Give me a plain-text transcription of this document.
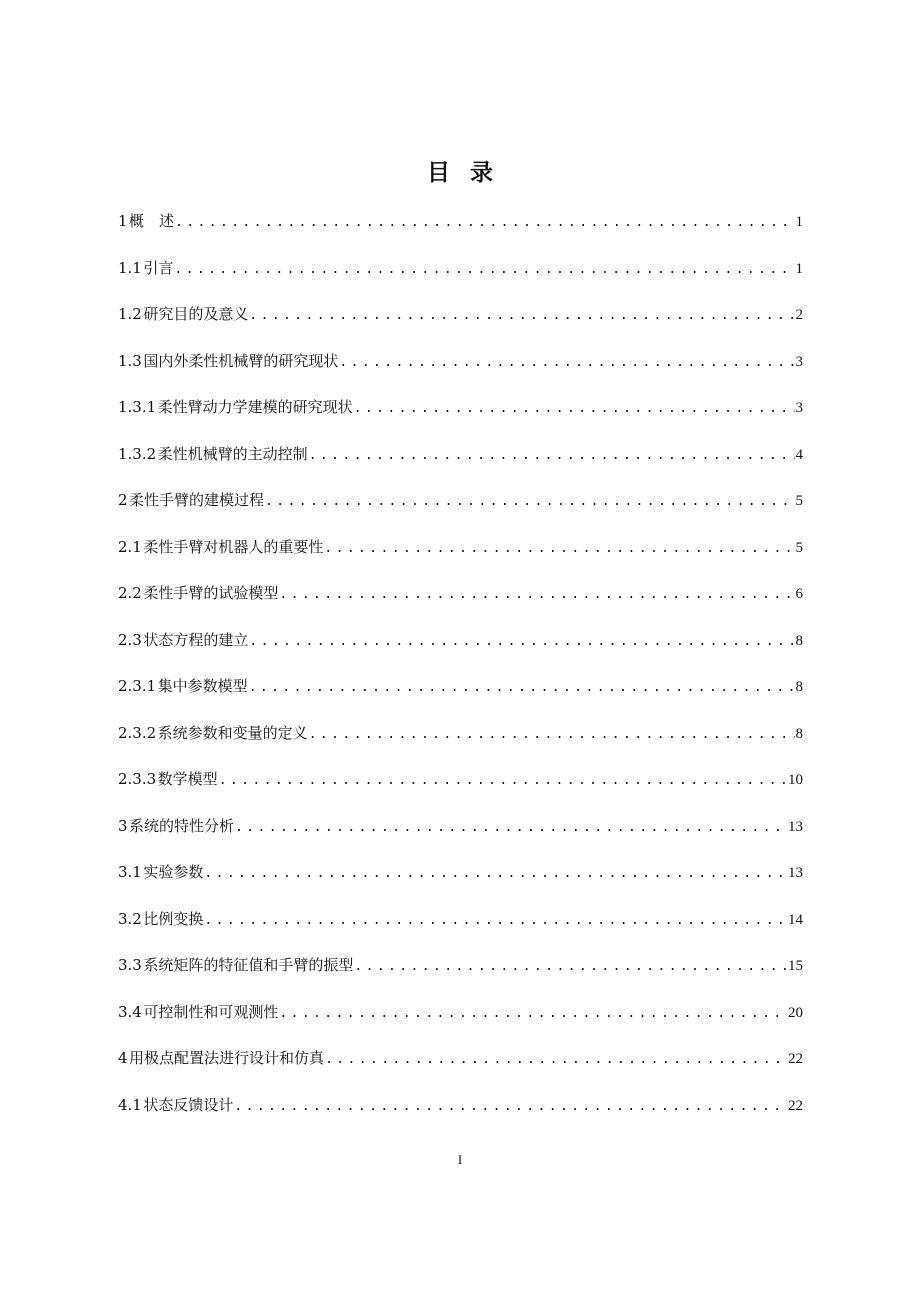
目 录
1  概　述 .....	1
1.1  引言 .....	1
1.2  研究目的及意义 .....	2
1.3  国内外柔性机械臂的研究现状 .....	3
1.3.1  柔性臂动力学建模的研究现状 .....	3
1.3.2  柔性机械臂的主动控制 .....	4
2  柔性手臂的建模过程 .....	5
2.1  柔性手臂对机器人的重要性 .....	5
2.2  柔性手臂的试验模型 .....	6
2.3  状态方程的建立 .....	8
2.3.1  集中参数模型 .....	8
2.3.2  系统参数和变量的定义 .....	8
2.3.3  数学模型 .....	10
3  系统的特性分析 .....	13
3.1  实验参数 .....	13
3.2  比例变换 .....	14
3.3  系统矩阵的特征值和手臂的振型 .....	15
3.4  可控制性和可观测性 .....	20
4  用极点配置法进行设计和仿真 .....	22
4.1  状态反馈设计 .....	22
I
